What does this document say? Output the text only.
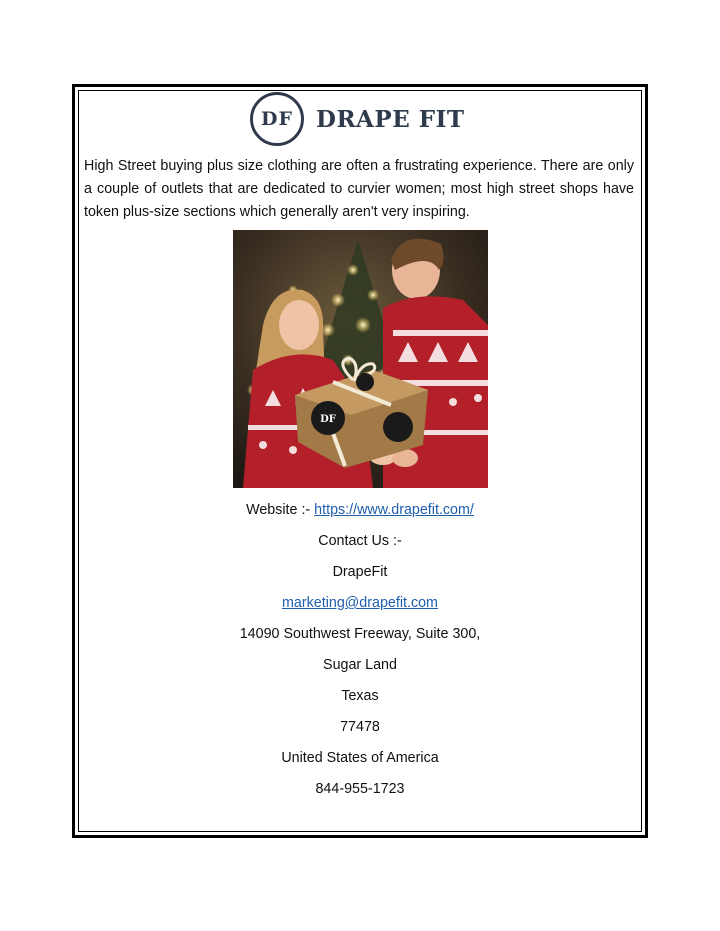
DF	DRAPE FIT

High Street buying plus size clothing are often a frustrating experience. There are only a couple of outlets that are dedicated to curvier women; most high street shops have token plus-size sections which generally aren't very inspiring.

DF
Website :- https://www.drapefit.com/
Contact Us :-
DrapeFit
marketing@drapefit.com
14090 Southwest Freeway, Suite 300,
Sugar Land
Texas
77478
United States of America
844-955-1723
